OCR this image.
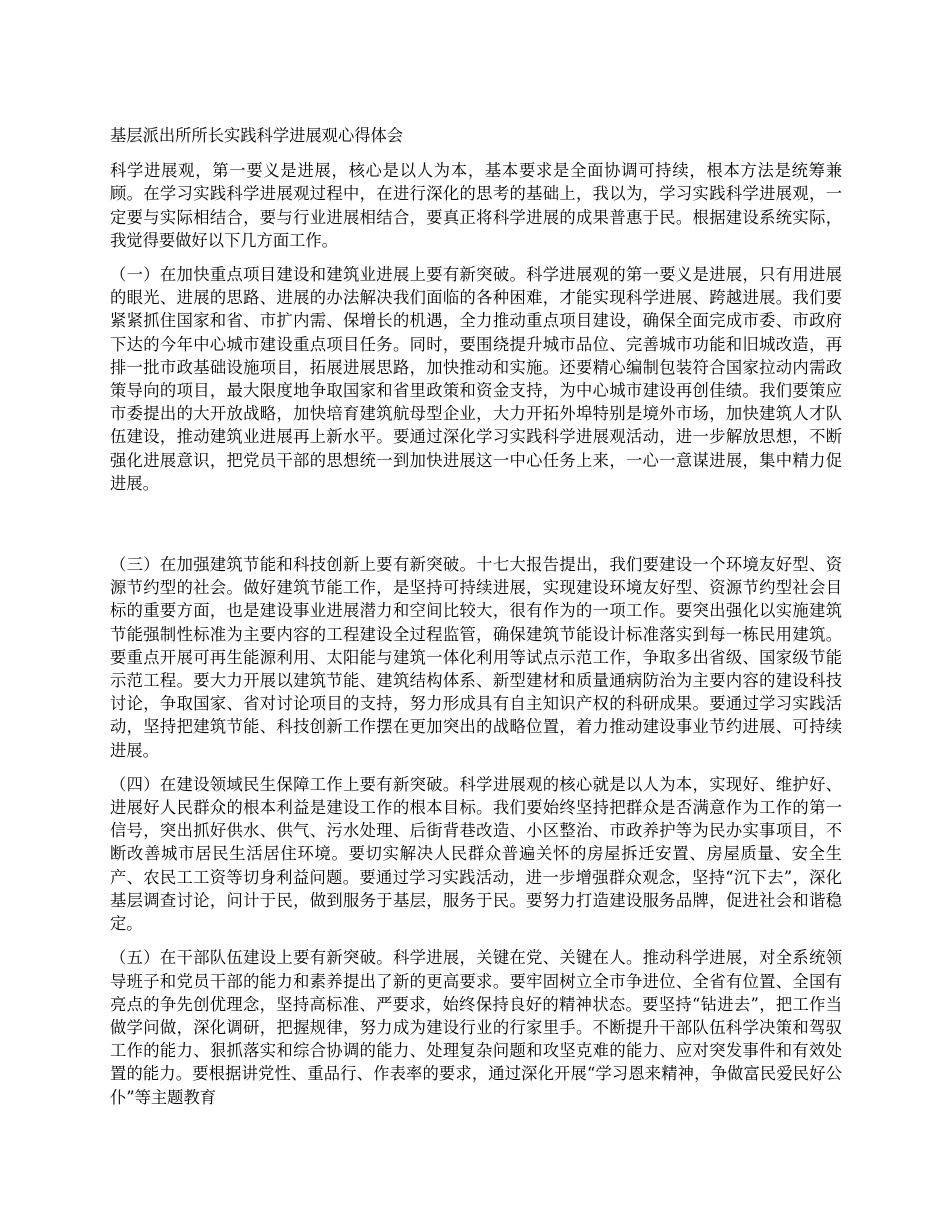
基层派出所所长实践科学进展观心得体会

科学进展观，第一要义是进展，核心是以人为本，基本要求是全面协调可持续，根本方法是统筹兼顾。在学习实践科学进展观过程中，在进行深化的思考的基础上，我以为，学习实践科学进展观，一定要与实际相结合，要与行业进展相结合，要真正将科学进展的成果普惠于民。根据建设系统实际，我觉得要做好以下几方面工作。

（一）在加快重点项目建设和建筑业进展上要有新突破。科学进展观的第一要义是进展，只有用进展的眼光、进展的思路、进展的办法解决我们面临的各种困难，才能实现科学进展、跨越进展。我们要紧紧抓住国家和省、市扩内需、保增长的机遇，全力推动重点项目建设，确保全面完成市委、市政府下达的今年中心城市建设重点项目任务。同时，要围绕提升城市品位、完善城市功能和旧城改造，再排一批市政基础设施项目，拓展进展思路，加快推动和实施。还要精心编制包装符合国家拉动内需政策导向的项目，最大限度地争取国家和省里政策和资金支持，为中心城市建设再创佳绩。我们要策应市委提出的大开放战略，加快培育建筑航母型企业，大力开拓外埠特别是境外市场，加快建筑人才队伍建设，推动建筑业进展再上新水平。要通过深化学习实践科学进展观活动，进一步解放思想，不断强化进展意识，把党员干部的思想统一到加快进展这一中心任务上来，一心一意谋进展，集中精力促进展。

（三）在加强建筑节能和科技创新上要有新突破。十七大报告提出，我们要建设一个环境友好型、资源节约型的社会。做好建筑节能工作，是坚持可持续进展，实现建设环境友好型、资源节约型社会目标的重要方面，也是建设事业进展潜力和空间比较大，很有作为的一项工作。要突出强化以实施建筑节能强制性标准为主要内容的工程建设全过程监管，确保建筑节能设计标准落实到每一栋民用建筑。要重点开展可再生能源利用、太阳能与建筑一体化利用等试点示范工作，争取多出省级、国家级节能示范工程。要大力开展以建筑节能、建筑结构体系、新型建材和质量通病防治为主要内容的建设科技讨论，争取国家、省对讨论项目的支持，努力形成具有自主知识产权的科研成果。要通过学习实践活动，坚持把建筑节能、科技创新工作摆在更加突出的战略位置，着力推动建设事业节约进展、可持续进展。

（四）在建设领域民生保障工作上要有新突破。科学进展观的核心就是以人为本，实现好、维护好、进展好人民群众的根本利益是建设工作的根本目标。我们要始终坚持把群众是否满意作为工作的第一信号，突出抓好供水、供气、污水处理、后街背巷改造、小区整治、市政养护等为民办实事项目，不断改善城市居民生活居住环境。要切实解决人民群众普遍关怀的房屋拆迁安置、房屋质量、安全生产、农民工工资等切身利益问题。要通过学习实践活动，进一步增强群众观念，坚持“沉下去”，深化基层调查讨论，问计于民，做到服务于基层，服务于民。要努力打造建设服务品牌，促进社会和谐稳定。

（五）在干部队伍建设上要有新突破。科学进展，关键在党、关键在人。推动科学进展，对全系统领导班子和党员干部的能力和素养提出了新的更高要求。要牢固树立全市争进位、全省有位置、全国有亮点的争先创优理念，坚持高标准、严要求，始终保持良好的精神状态。要坚持“钻进去”，把工作当做学问做，深化调研，把握规律，努力成为建设行业的行家里手。不断提升干部队伍科学决策和驾驭工作的能力、狠抓落实和综合协调的能力、处理复杂问题和攻坚克难的能力、应对突发事件和有效处置的能力。要根据讲党性、重品行、作表率的要求，通过深化开展“学习恩来精神，争做富民爱民好公仆”等主题教育
